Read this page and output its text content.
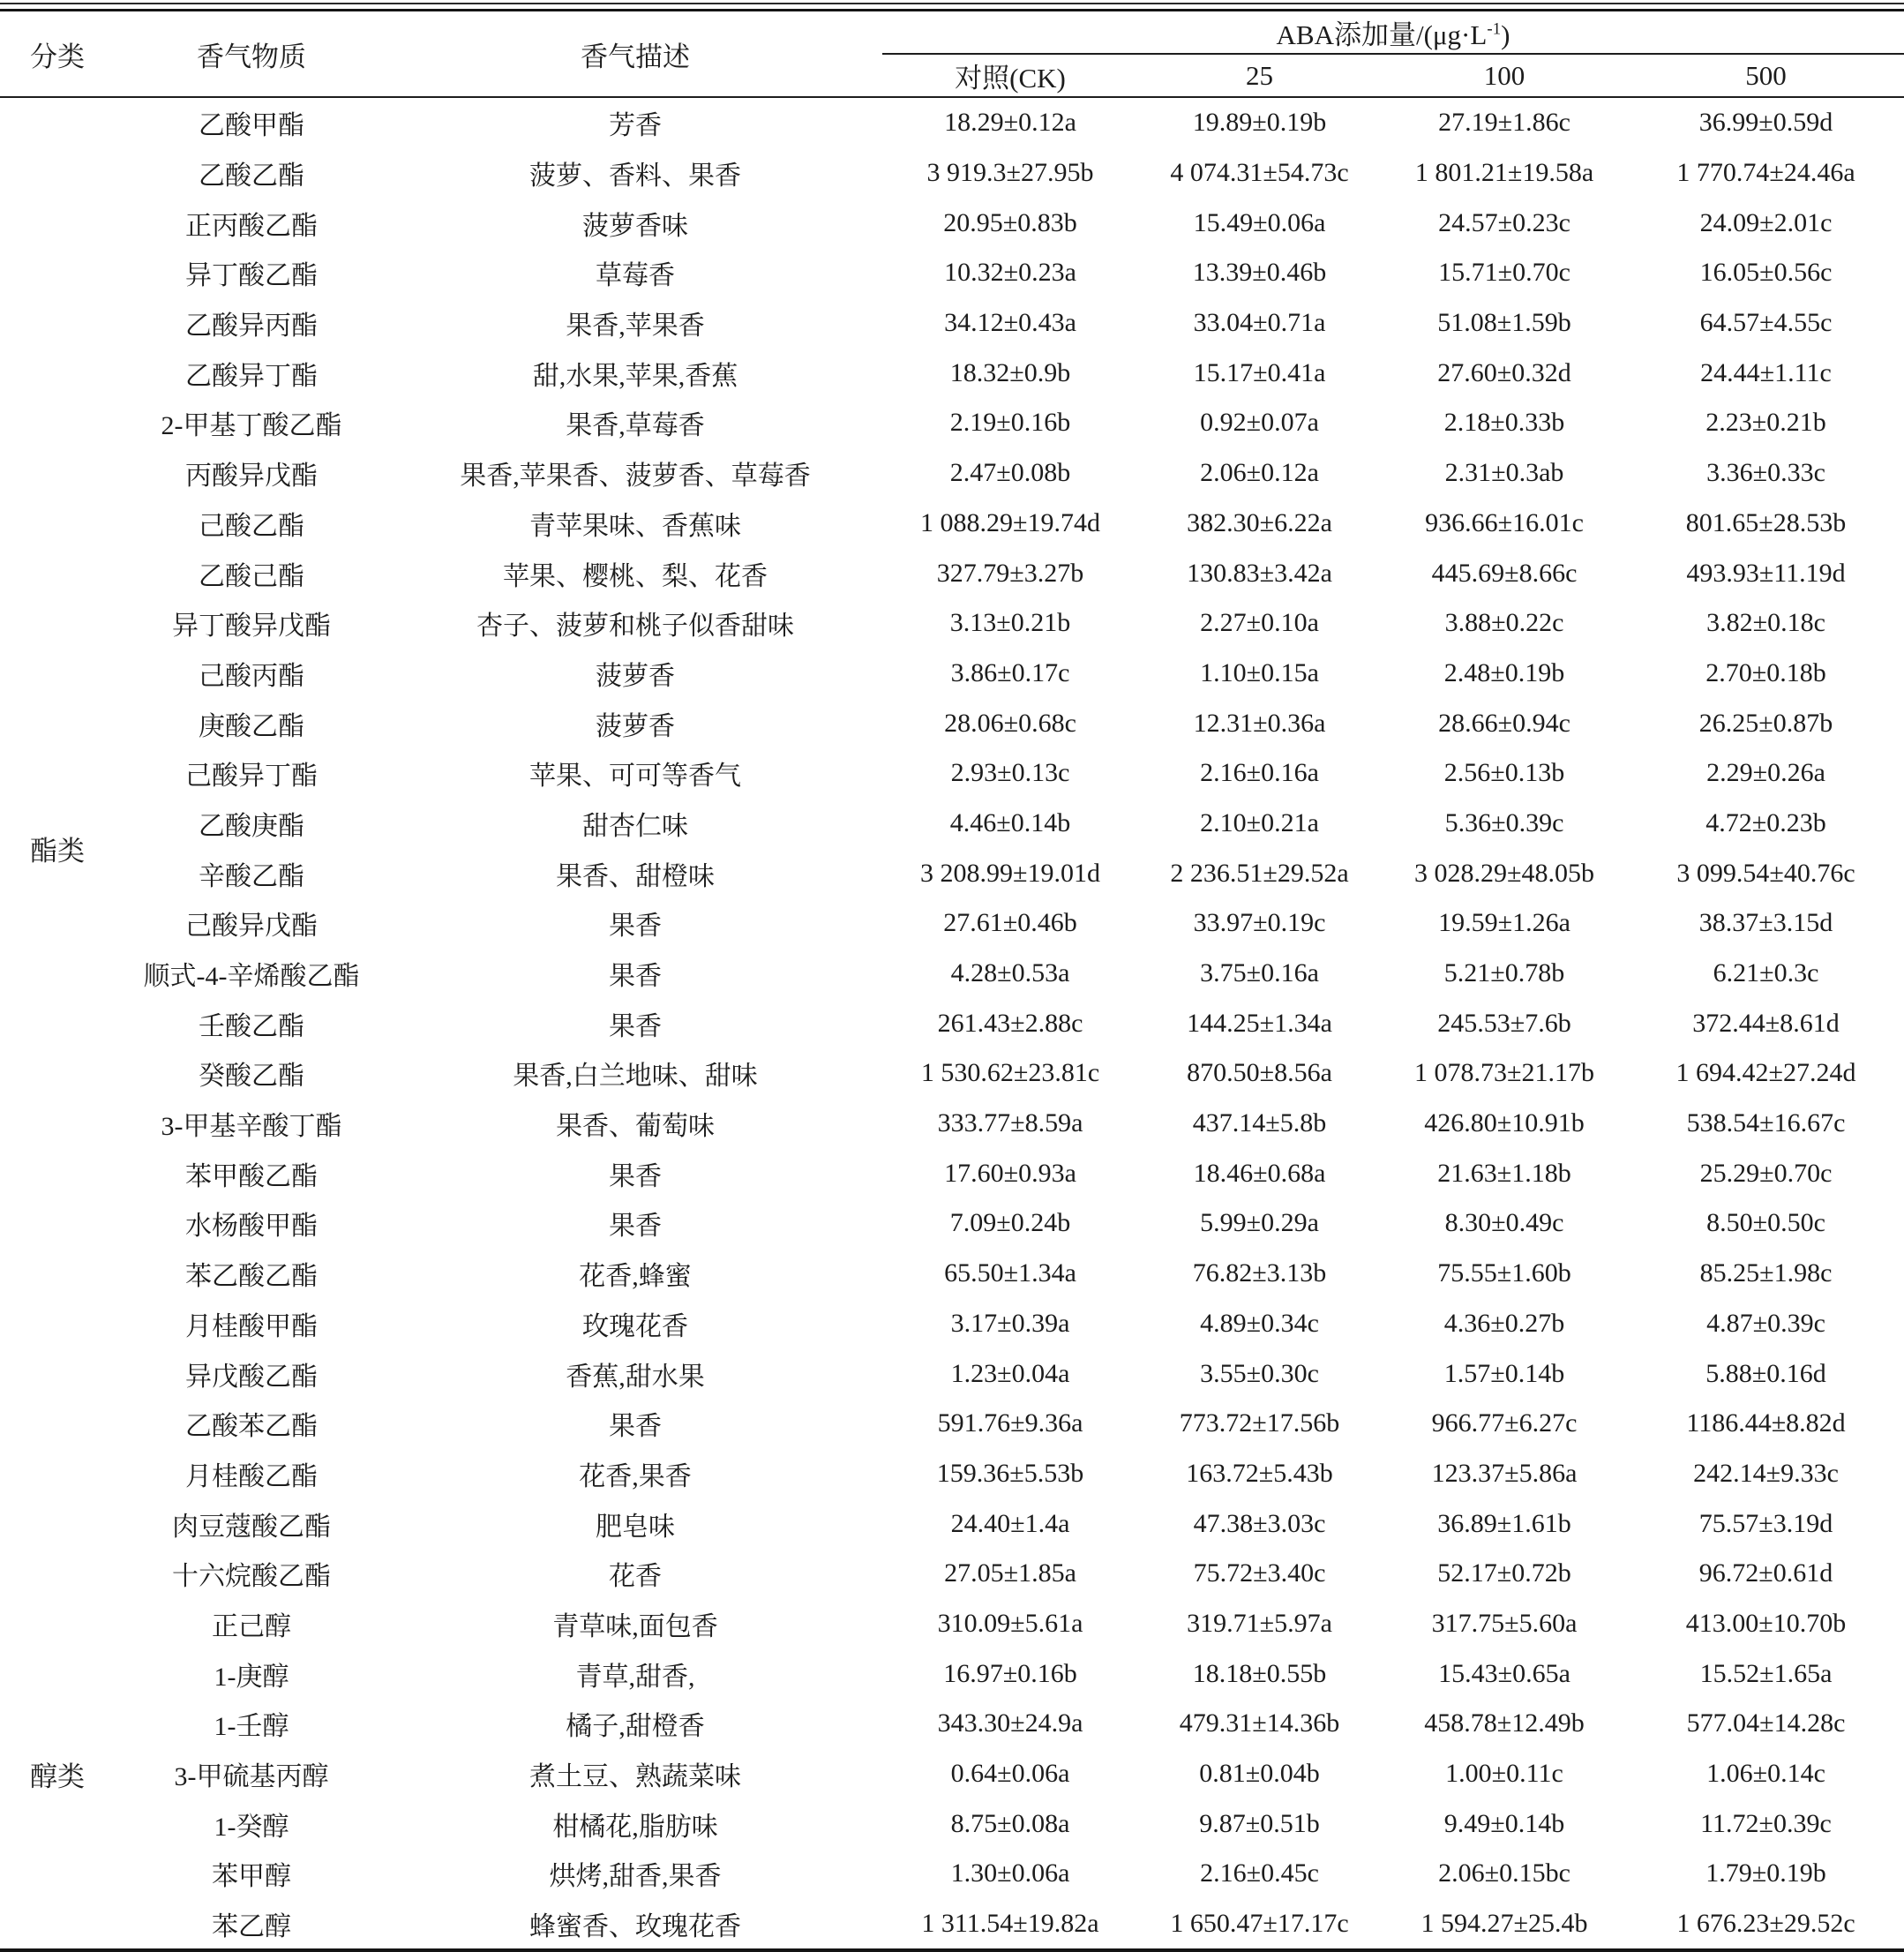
分类	香气物质	香气描述	ABA添加量$/(\mu g\cdot L^{-1})$			
			对照(CK)	25	100	500
酯类	乙酸甲酯	芳香	18.29±0.12a	19.89±0.19b	27.19±1.86c	36.99±0.59d
	乙酸乙酯	菠萝、香料、果香	3 919.3±27.95b	4 074.31±54.73c	1 801.21±19.58a	1 770.74±24.46a
	正丙酸乙酯	菠萝香味	20.95±0.83b	15.49±0.06a	24.57±0.23c	24.09±2.01c
	异丁酸乙酯	草莓香	10.32±0.23a	13.39±0.46b	15.71±0.70c	16.05±0.56c
	乙酸异丙酯	果香,苹果香	34.12±0.43a	33.04±0.71a	51.08±1.59b	64.57±4.55c
	乙酸异丁酯	甜,水果,苹果,香蕉	18.32±0.9b	15.17±0.41a	27.60±0.32d	24.44±1.11c
	2-甲基丁酸乙酯	果香,草莓香	2.19±0.16b	0.92±0.07a	2.18±0.33b	2.23±0.21b
	丙酸异戊酯	果香,苹果香、菠萝香、草莓香	2.47±0.08b	2.06±0.12a	2.31±0.3ab	3.36±0.33c
	己酸乙酯	青苹果味、香蕉味	1 088.29±19.74d	382.30±6.22a	936.66±16.01c	801.65±28.53b
	乙酸己酯	苹果、樱桃、梨、花香	327.79±3.27b	130.83±3.42a	445.69±8.66c	493.93±11.19d
	异丁酸异戊酯	杏子、菠萝和桃子似香甜味	3.13±0.21b	2.27±0.10a	3.88±0.22c	3.82±0.18c
	己酸丙酯	菠萝香	3.86±0.17c	1.10±0.15a	2.48±0.19b	2.70±0.18b
	庚酸乙酯	菠萝香	28.06±0.68c	12.31±0.36a	28.66±0.94c	26.25±0.87b
	己酸异丁酯	苹果、可可等香气	2.93±0.13c	2.16±0.16a	2.56±0.13b	2.29±0.26a
	乙酸庚酯	甜杏仁味	4.46±0.14b	2.10±0.21a	5.36±0.39c	4.72±0.23b
	辛酸乙酯	果香、甜橙味	3 208.99±19.01d	2 236.51±29.52a	3 028.29±48.05b	3 099.54±40.76c
	己酸异戊酯	果香	27.61±0.46b	33.97±0.19c	19.59±1.26a	38.37±3.15d
	顺式-4-辛烯酸乙酯	果香	4.28±0.53a	3.75±0.16a	5.21±0.78b	6.21±0.3c
	壬酸乙酯	果香	261.43±2.88c	144.25±1.34a	245.53±7.6b	372.44±8.61d
	癸酸乙酯	果香,白兰地味、甜味	1 530.62±23.81c	870.50±8.56a	1 078.73±21.17b	1 694.42±27.24d
	3-甲基辛酸丁酯	果香、葡萄味	333.77±8.59a	437.14±5.8b	426.80±10.91b	538.54±16.67c
	苯甲酸乙酯	果香	17.60±0.93a	18.46±0.68a	21.63±1.18b	25.29±0.70c
	水杨酸甲酯	果香	7.09±0.24b	5.99±0.29a	8.30±0.49c	8.50±0.50c
	苯乙酸乙酯	花香,蜂蜜	65.50±1.34a	76.82±3.13b	75.55±1.60b	85.25±1.98c
	月桂酸甲酯	玫瑰花香	3.17±0.39a	4.89±0.34c	4.36±0.27b	4.87±0.39c
	异戊酸乙酯	香蕉,甜水果	1.23±0.04a	3.55±0.30c	1.57±0.14b	5.88±0.16d
	乙酸苯乙酯	果香	591.76±9.36a	773.72±17.56b	966.77±6.27c	1186.44±8.82d
	月桂酸乙酯	花香,果香	159.36±5.53b	163.72±5.43b	123.37±5.86a	242.14±9.33c
	肉豆蔻酸乙酯	肥皂味	24.40±1.4a	47.38±3.03c	36.89±1.61b	75.57±3.19d
	十六烷酸乙酯	花香	27.05±1.85a	75.72±3.40c	52.17±0.72b	96.72±0.61d
醇类	正己醇	青草味,面包香	310.09±5.61a	319.71±5.97a	317.75±5.60a	413.00±10.70b
	1-庚醇	青草,甜香,	16.97±0.16b	18.18±0.55b	15.43±0.65a	15.52±1.65a
	1-壬醇	橘子,甜橙香	343.30±24.9a	479.31±14.36b	458.78±12.49b	577.04±14.28c
	3-甲硫基丙醇	煮土豆、熟蔬菜味	0.64±0.06a	0.81±0.04b	1.00±0.11c	1.06±0.14c
	1-癸醇	柑橘花,脂肪味	8.75±0.08a	9.87±0.51b	9.49±0.14b	11.72±0.39c
	苯甲醇	烘烤,甜香,果香	1.30±0.06a	2.16±0.45c	2.06±0.15bc	1.79±0.19b
	苯乙醇	蜂蜜香、玫瑰花香	1 311.54±19.82a	1 650.47±17.17c	1 594.27±25.4b	1 676.23±29.52c
